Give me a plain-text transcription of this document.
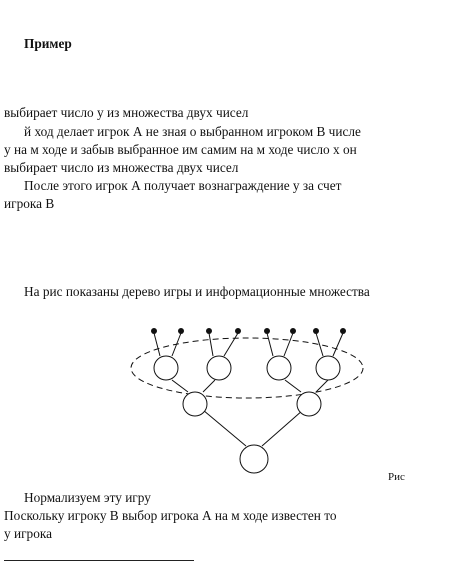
Пример
выбирает число у из множества двух чисел
й ход делает игрок А не зная о выбранном игроком В числе
у на м ходе и забыв выбранное им самим на м ходе число х он
выбирает число из множества двух чисел
После этого игрок А получает вознаграждение у за счет
игрока В
На рис показаны дерево игры и информационные множества
Рис
Нормализуем эту игру
Поскольку игроку В выбор игрока А на м ходе известен то
у игрока
